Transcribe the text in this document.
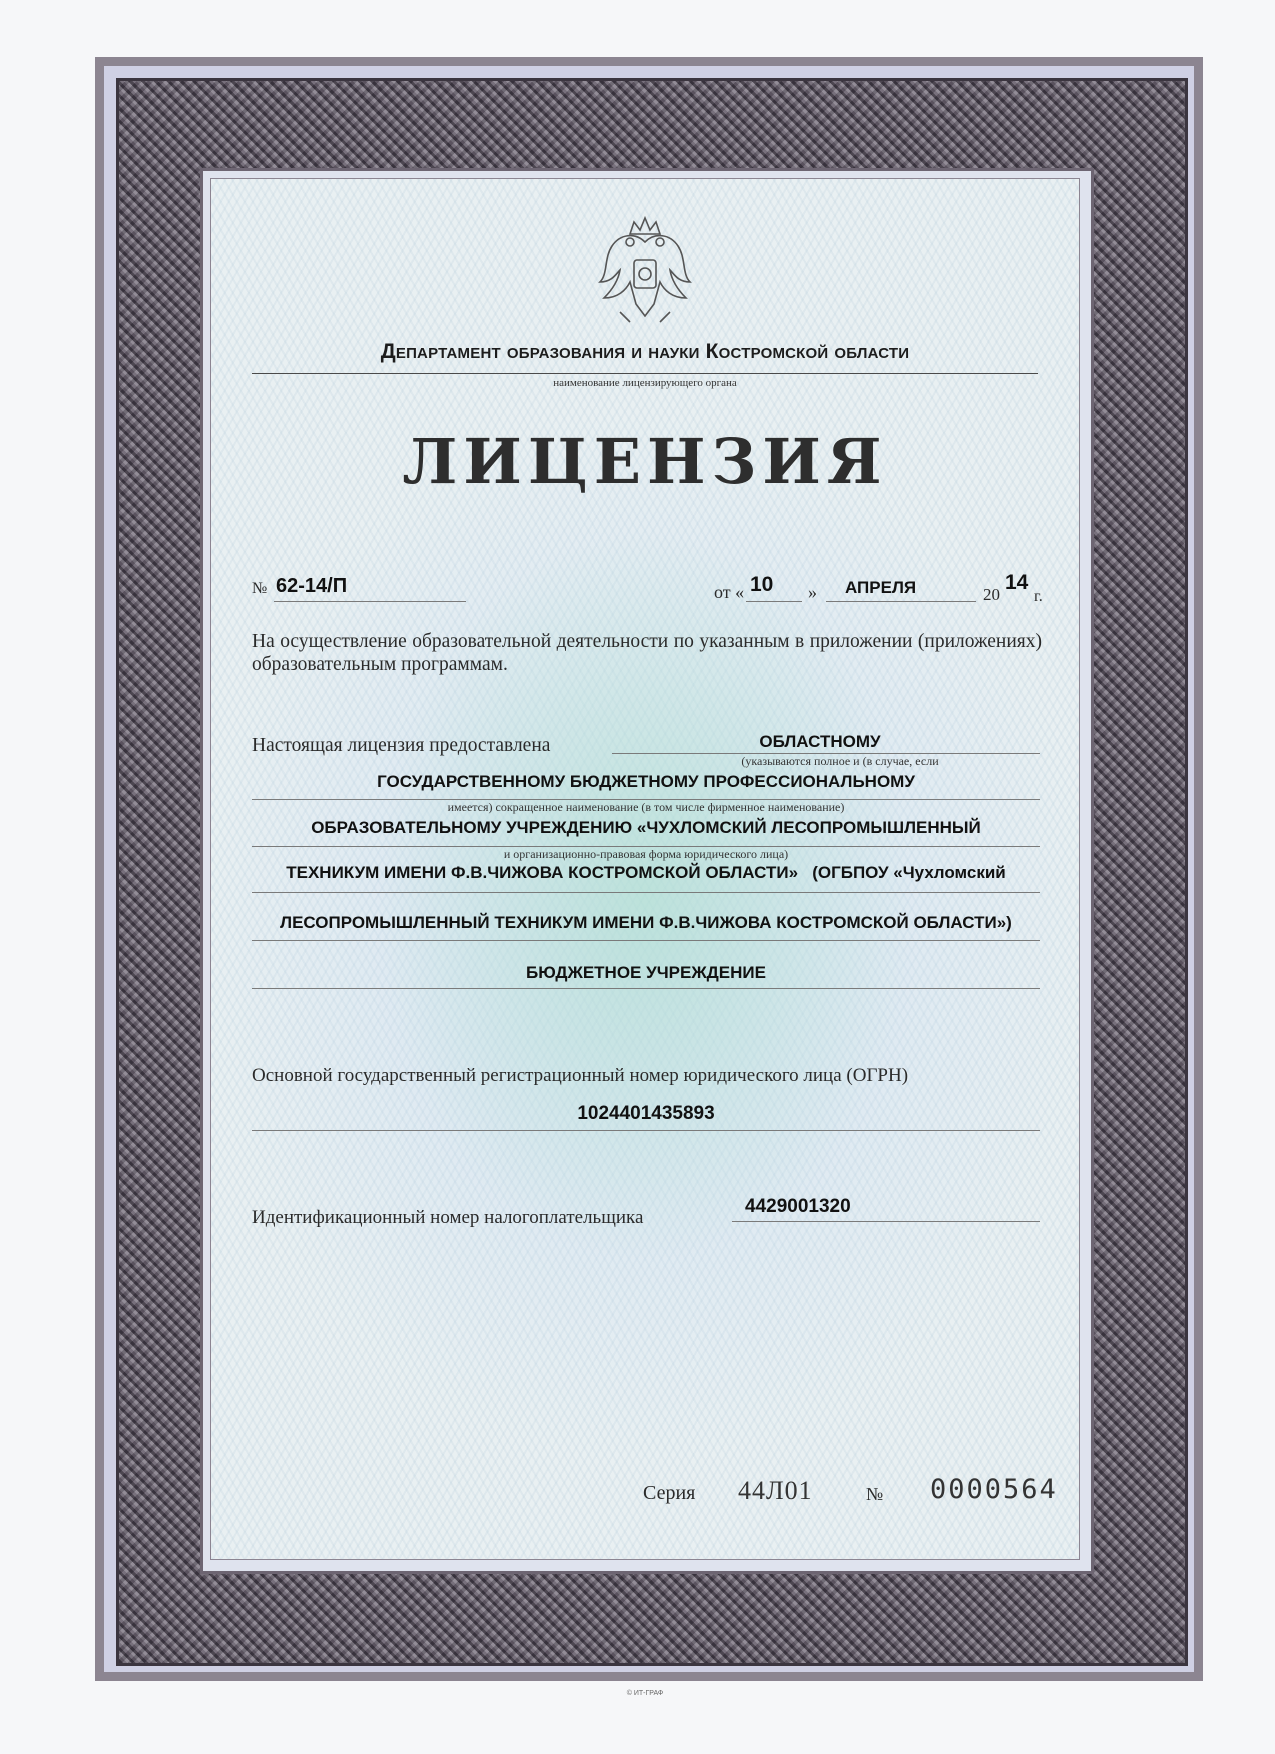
Департамент образования и науки Костромской области
наименование лицензирующего органа
ЛИЦЕНЗИЯ
№ 62-14/П	от « 10 » АПРЕЛЯ	20
14
г.
На осуществление образовательной деятельности по указанным в приложении (приложениях) образовательным программам.
Настоящая лицензия предоставлена	ОБЛАСТНОМУ
(указываются полное и (в случае, если
ГОСУДАРСТВЕННОМУ БЮДЖЕТНОМУ ПРОФЕССИОНАЛЬНОМУ
имеется) сокращенное наименование (в том числе фирменное наименование)
ОБРАЗОВАТЕЛЬНОМУ УЧРЕЖДЕНИЮ «ЧУХЛОМСКИЙ ЛЕСОПРОМЫШЛЕННЫЙ
и организационно-правовая форма юридического лица)
ТЕХНИКУМ ИМЕНИ Ф.В.ЧИЖОВА КОСТРОМСКОЙ ОБЛАСТИ»   (ОГБПОУ «Чухломский
ЛЕСОПРОМЫШЛЕННЫЙ ТЕХНИКУМ ИМЕНИ Ф.В.ЧИЖОВА КОСТРОМСКОЙ ОБЛАСТИ»)
БЮДЖЕТНОЕ УЧРЕЖДЕНИЕ
Основной государственный регистрационный номер юридического лица (ОГРН)
1024401435893
Идентификационный номер налогоплательщика
4429001320
Серия 44Л01	№ 0000564
© ИТ-ГРАФ
